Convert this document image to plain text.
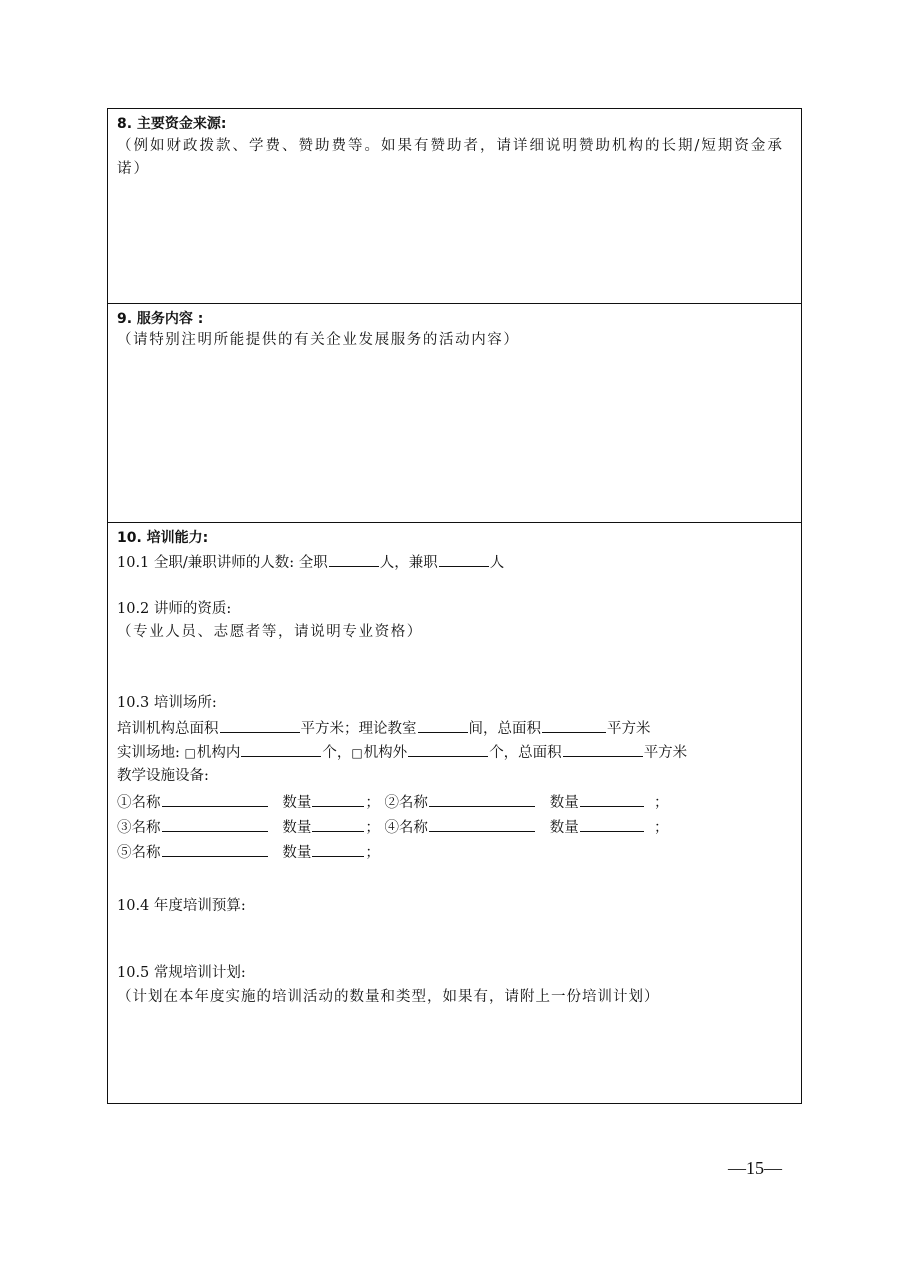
8. 主要资金来源:
（例如财政拨款、学费、赞助费等。如果有赞助者，请详细说明赞助机构的长期/短期资金承诺）
9. 服务内容 :
（请特别注明所能提供的有关企业发展服务的活动内容）
10. 培训能力:
10.1 全职/兼职讲师的人数: 全职	人，兼职	人
10.2 讲师的资质:
（专业人员、志愿者等，请说明专业资格）
10.3 培训场所:
培训机构总面积	平方米；理论教室	间，总面积	平方米
实训场地: □机构内	个，□机构外	个，总面积	平方米
教学设施设备:
①名称	数量	； ②名称	数量	；
③名称	数量	； ④名称	数量	；
⑤名称	数量	；
10.4 年度培训预算:
10.5 常规培训计划:
（计划在本年度实施的培训活动的数量和类型，如果有，请附上一份培训计划）
—15—
